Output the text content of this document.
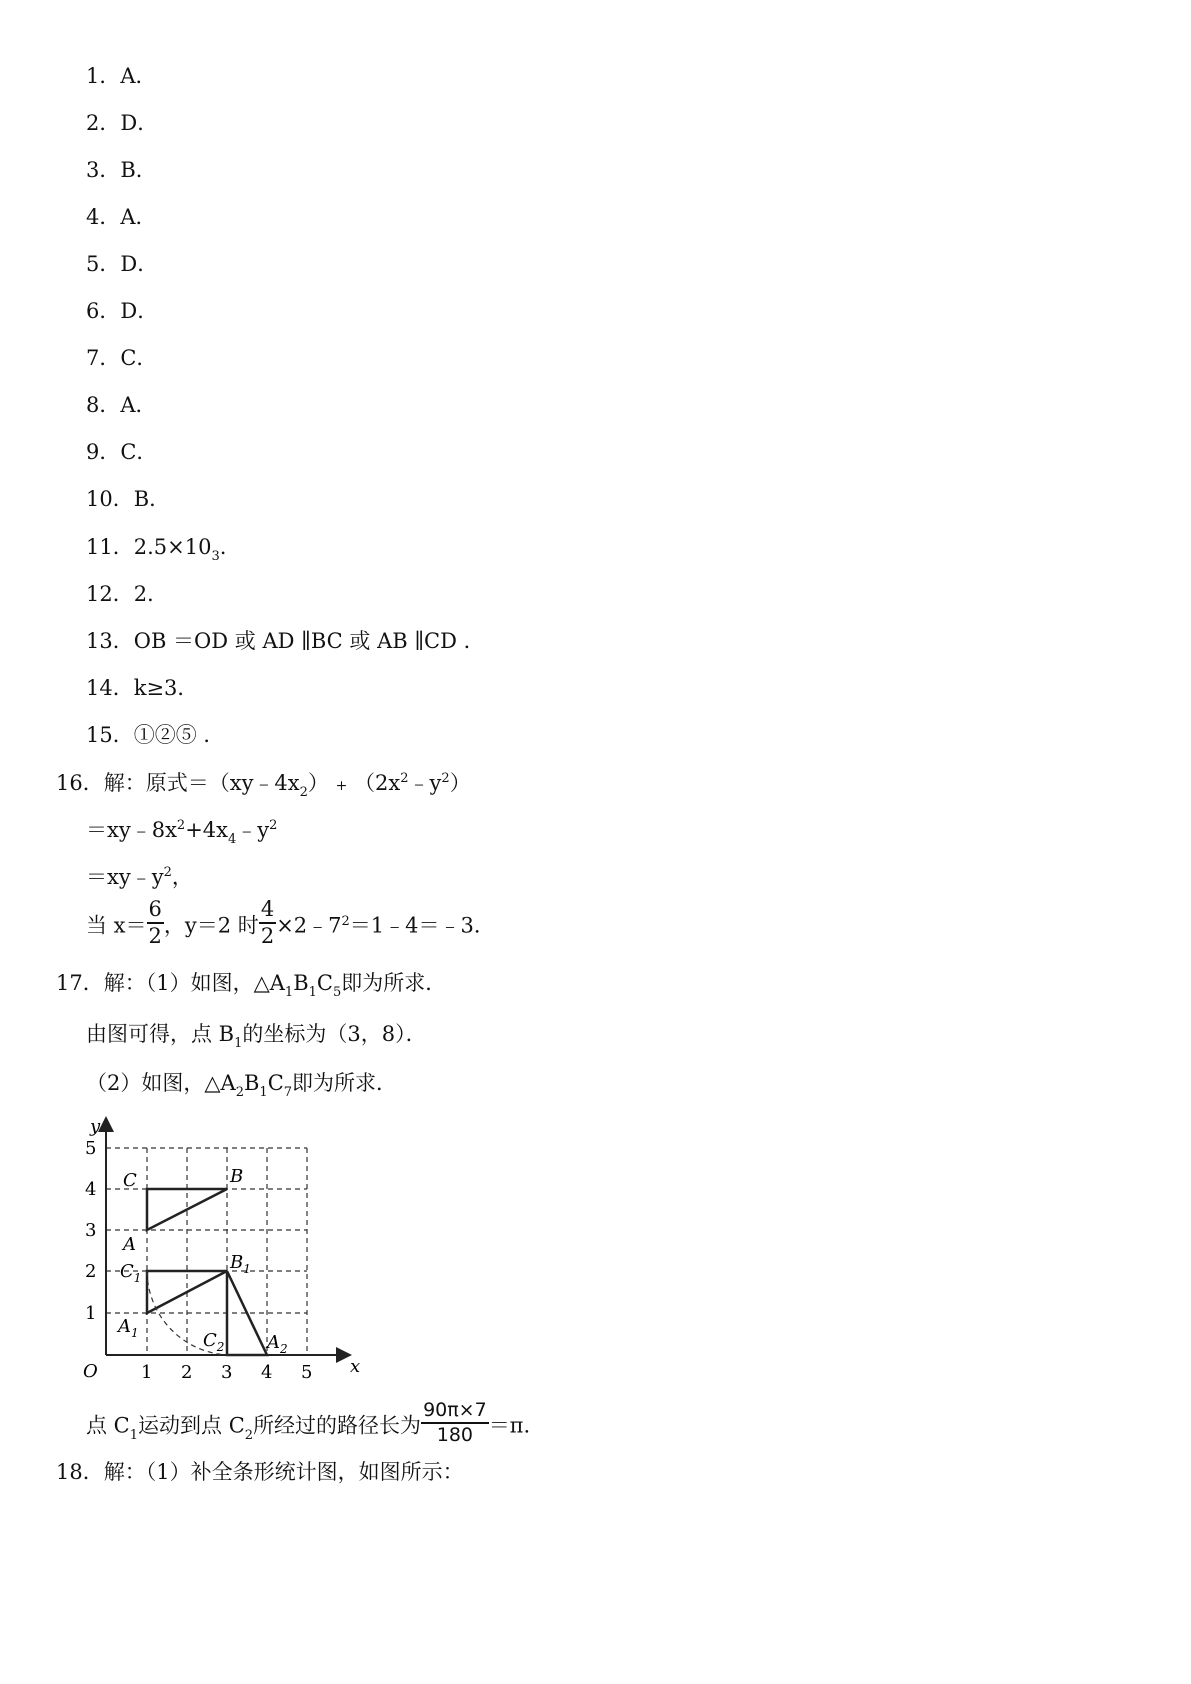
1．A．
2．D．
3．B．
4．A．
5．D．
6．D．
7．C．
8．A．
9．C．
10．B．
11．$2.5\times 10_3$.
12．2．
13．OB ＝OD 或 AD ∥BC 或 AB ∥CD ．
14．k≥3．
15．①②⑤ ．
16．解：原式$=(xy﹣4x_2)$ + $(2x^2﹣y^2)$
$=xy﹣8x^2+4x_4﹣y^2$
$=xy﹣y^2$，
当 $x= \frac{6}{2}$ ，y＝2 时 $\frac{4}{2}$ $\times 2﹣7^2=1﹣4=﹣3$．
17．解：（1）如图，$\triangle A_1B_1C_5$即为所求．
由图可得，点 $B_1$的坐标为（3，8）．
（2）如图，$\triangle A_2B_1C_7$即为所求．
y
x
O 1 2 3 4 5
1
2
3
4
5
C	B
A
$B_1$
$C_1$
$A_1$	$C_2$ $A_2$
点 $C_1$运动到点 $C_2$所经过的路径长为 $\frac{90\pi\times 7}{180} =\pi$.
18．解：（1）补全条形统计图，如图所示：
